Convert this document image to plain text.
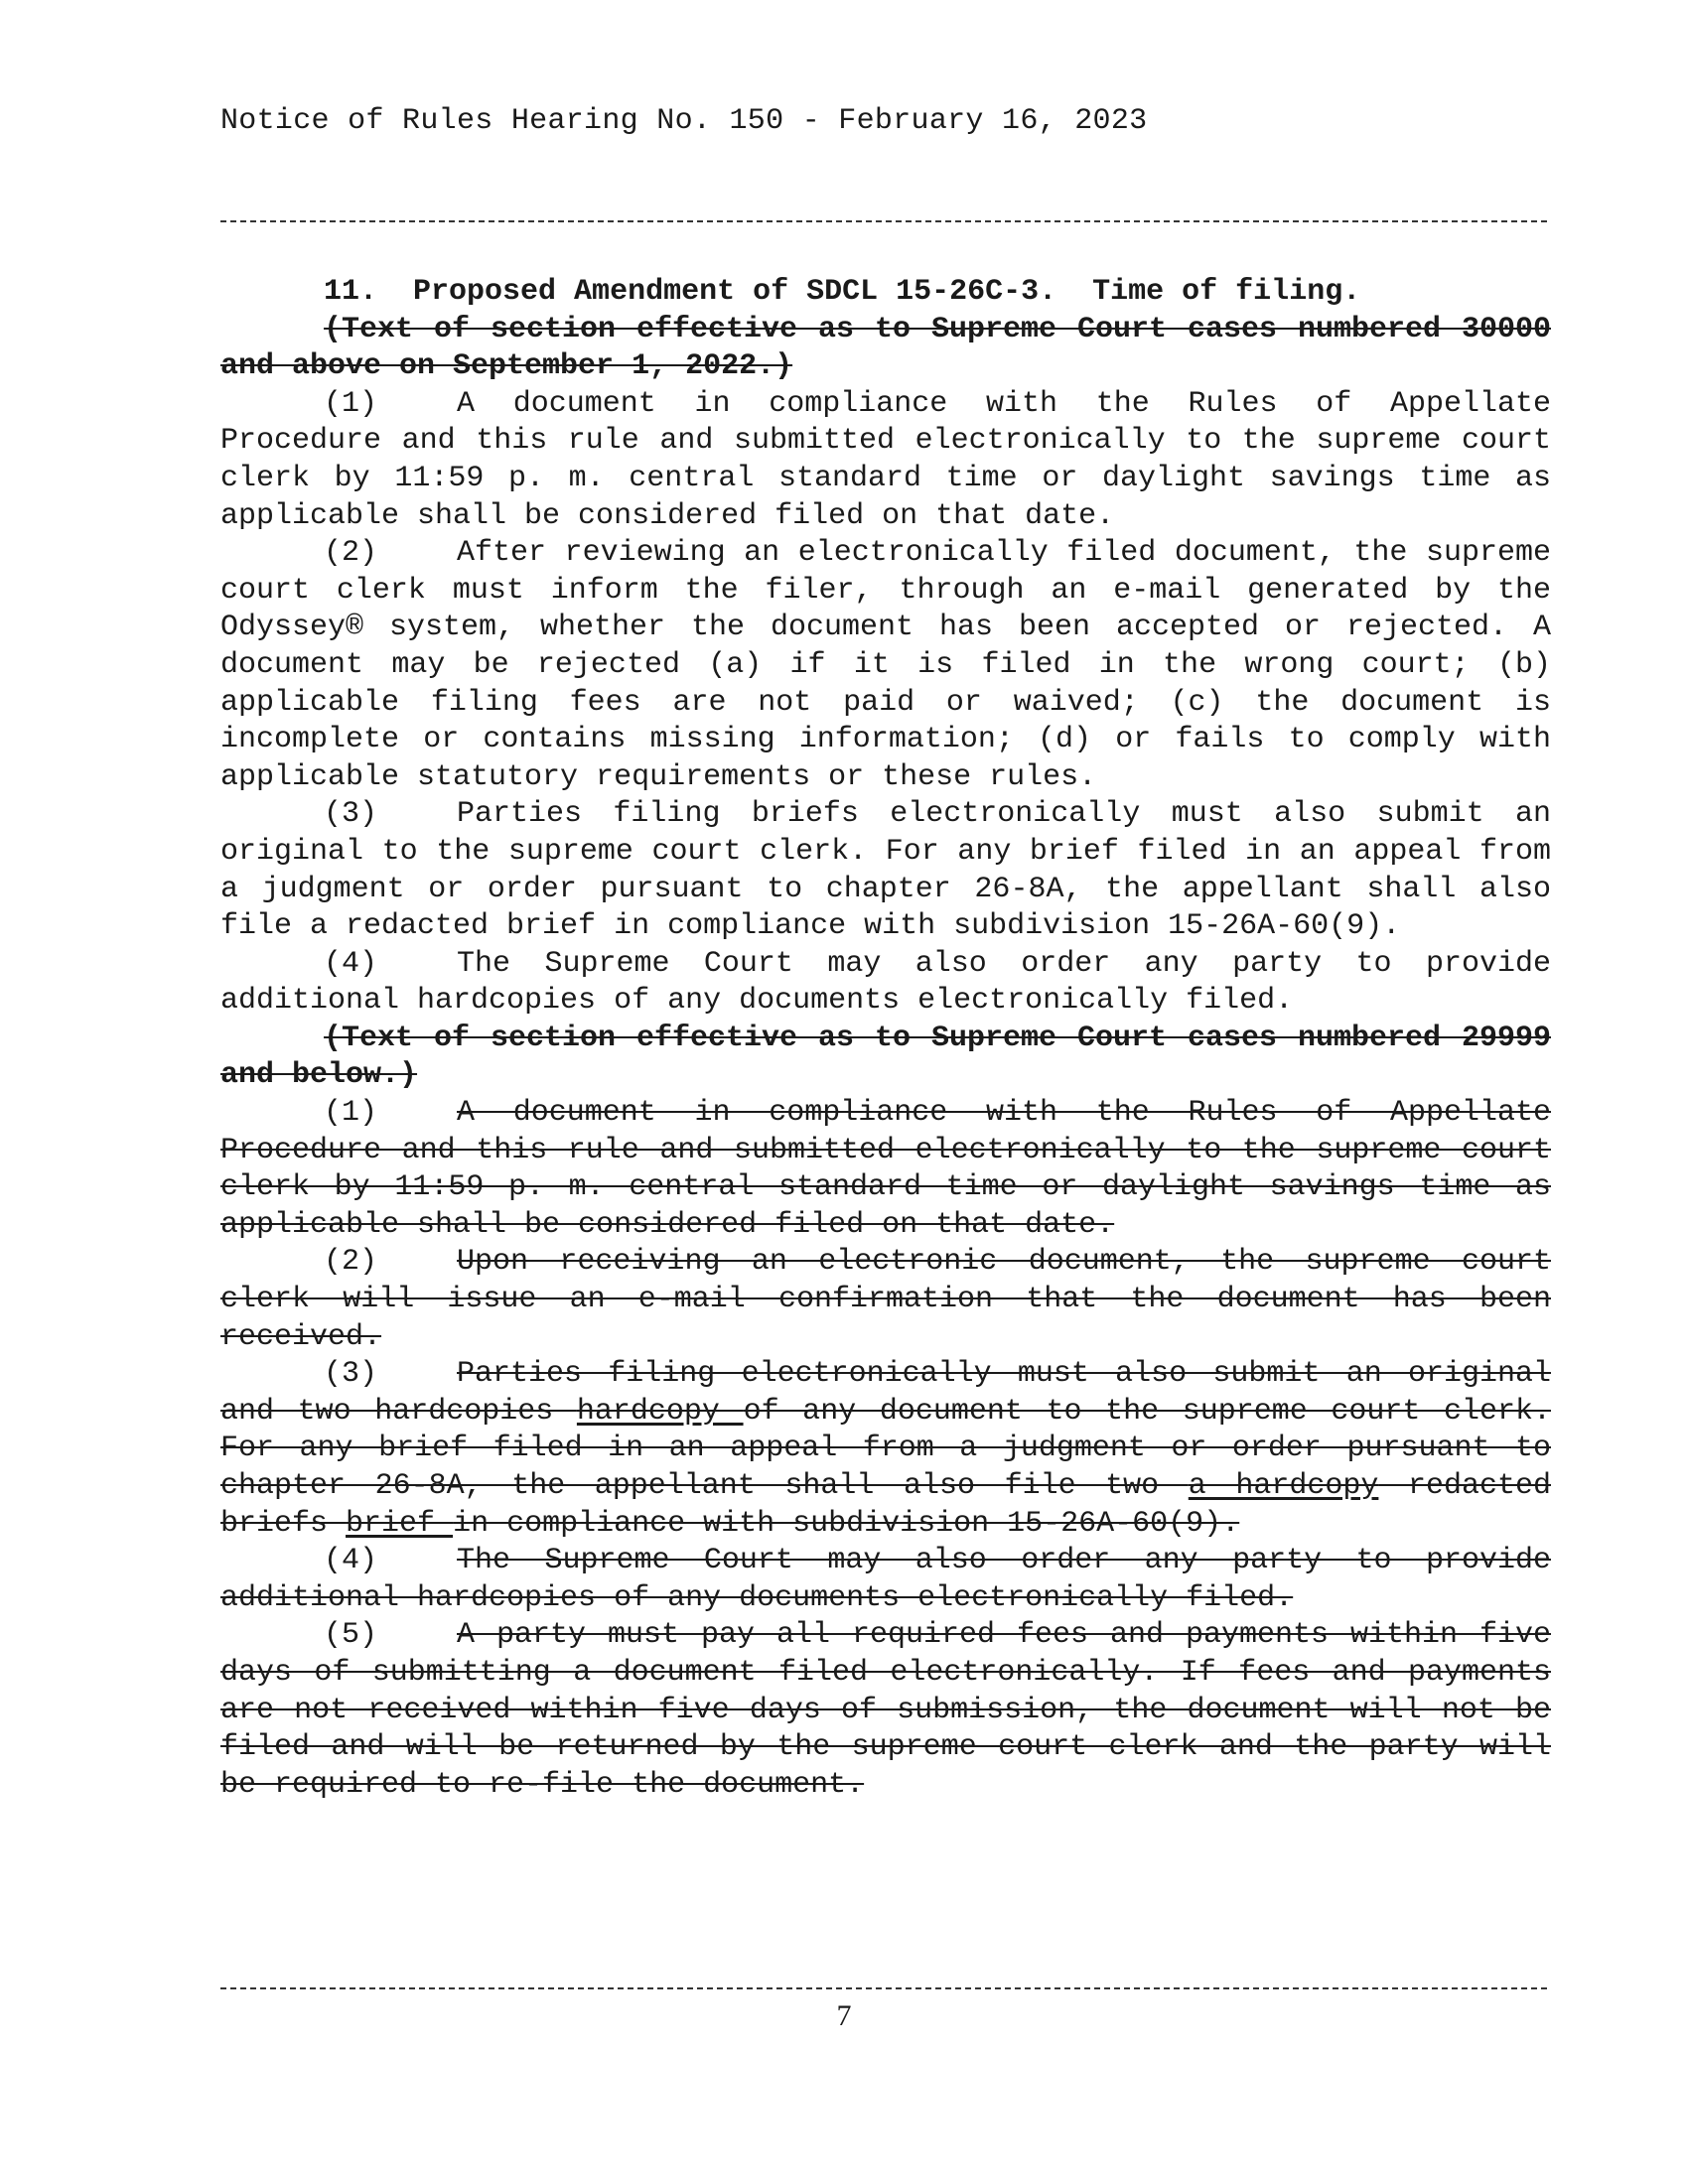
Notice of Rules Hearing No. 150 - February 16, 2023

11. Proposed Amendment of SDCL 15-26C-3. Time of filing.

(Text of section effective as to Supreme Court cases numbered 30000 and above on September 1, 2022.)

(1)	A document in compliance with the Rules of Appellate Procedure and this rule and submitted electronically to the supreme court clerk by 11:59 p. m. central standard time or daylight savings time as applicable shall be considered filed on that date.

(2)	After reviewing an electronically filed document, the supreme court clerk must inform the filer, through an e-mail generated by the Odyssey® system, whether the document has been accepted or rejected. A document may be rejected (a) if it is filed in the wrong court; (b) applicable filing fees are not paid or waived; (c) the document is incomplete or contains missing information; (d) or fails to comply with applicable statutory requirements or these rules.

(3)	Parties filing briefs electronically must also submit an original to the supreme court clerk. For any brief filed in an appeal from a judgment or order pursuant to chapter 26-8A, the appellant shall also file a redacted brief in compliance with subdivision 15-26A-60(9).

(4)	The Supreme Court may also order any party to provide additional hardcopies of any documents electronically filed.

(Text of section effective as to Supreme Court cases numbered 29999 and below.)

(1)	A document in compliance with the Rules of Appellate Procedure and this rule and submitted electronically to the supreme court clerk by 11:59 p. m. central standard time or daylight savings time as applicable shall be considered filed on that date.

(2)	Upon receiving an electronic document, the supreme court clerk will issue an e-mail confirmation that the document has been received.

(3)	Parties filing electronically must also submit an original and two hardcopies hardcopy of any document to the supreme court clerk. For any brief filed in an appeal from a judgment or order pursuant to chapter 26-8A, the appellant shall also file two a hardcopy redacted briefs brief in compliance with subdivision 15-26A-60(9).

(4)	The Supreme Court may also order any party to provide additional hardcopies of any documents electronically filed.

(5)	A party must pay all required fees and payments within five days of submitting a document filed electronically. If fees and payments are not received within five days of submission, the document will not be filed and will be returned by the supreme court clerk and the party will be required to re-file the document.

7
